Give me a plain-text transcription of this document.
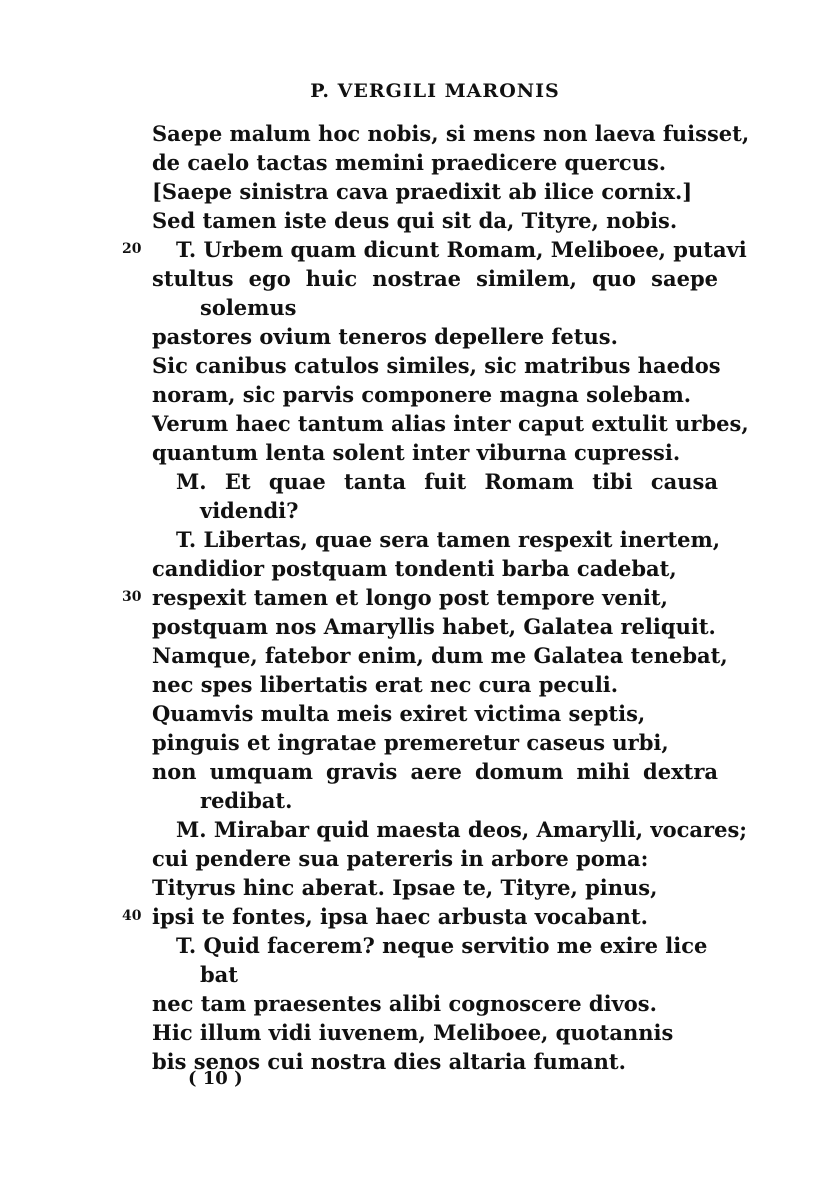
P. VERGILI MARONIS
Saepe malum hoc nobis, si mens non laeva fuisset,
de caelo tactas memini praedicere quercus.
[Saepe sinistra cava praedixit ab ilice cornix.]
Sed tamen iste deus qui sit da, Tityre, nobis.
20 T. Urbem quam dicunt Romam, Meliboee, putavi
stultus ego huic nostrae similem, quo saepe
solemus
pastores ovium teneros depellere fetus.
Sic canibus catulos similes, sic matribus haedos
noram, sic parvis componere magna solebam.
Verum haec tantum alias inter caput extulit urbes,
quantum lenta solent inter viburna cupressi.
M. Et quae tanta fuit Romam tibi causa
videndi?
T. Libertas, quae sera tamen respexit inertem,
candidior postquam tondenti barba cadebat,
30 respexit tamen et longo post tempore venit,
postquam nos Amaryllis habet, Galatea reliquit.
Namque, fatebor enim, dum me Galatea tenebat,
nec spes libertatis erat nec cura peculi.
Quamvis multa meis exiret victima septis,
pinguis et ingratae premeretur caseus urbi,
non umquam gravis aere domum mihi dextra
redibat.
M. Mirabar quid maesta deos, Amarylli, vocares;
cui pendere sua patereris in arbore poma:
Tityrus hinc aberat. Ipsae te, Tityre, pinus,
40 ipsi te fontes, ipsa haec arbusta vocabant.
T. Quid facerem? neque servitio me exire lice
bat
nec tam praesentes alibi cognoscere divos.
Hic illum vidi iuvenem, Meliboee, quotannis
bis senos cui nostra dies altaria fumant.
( 10 )
